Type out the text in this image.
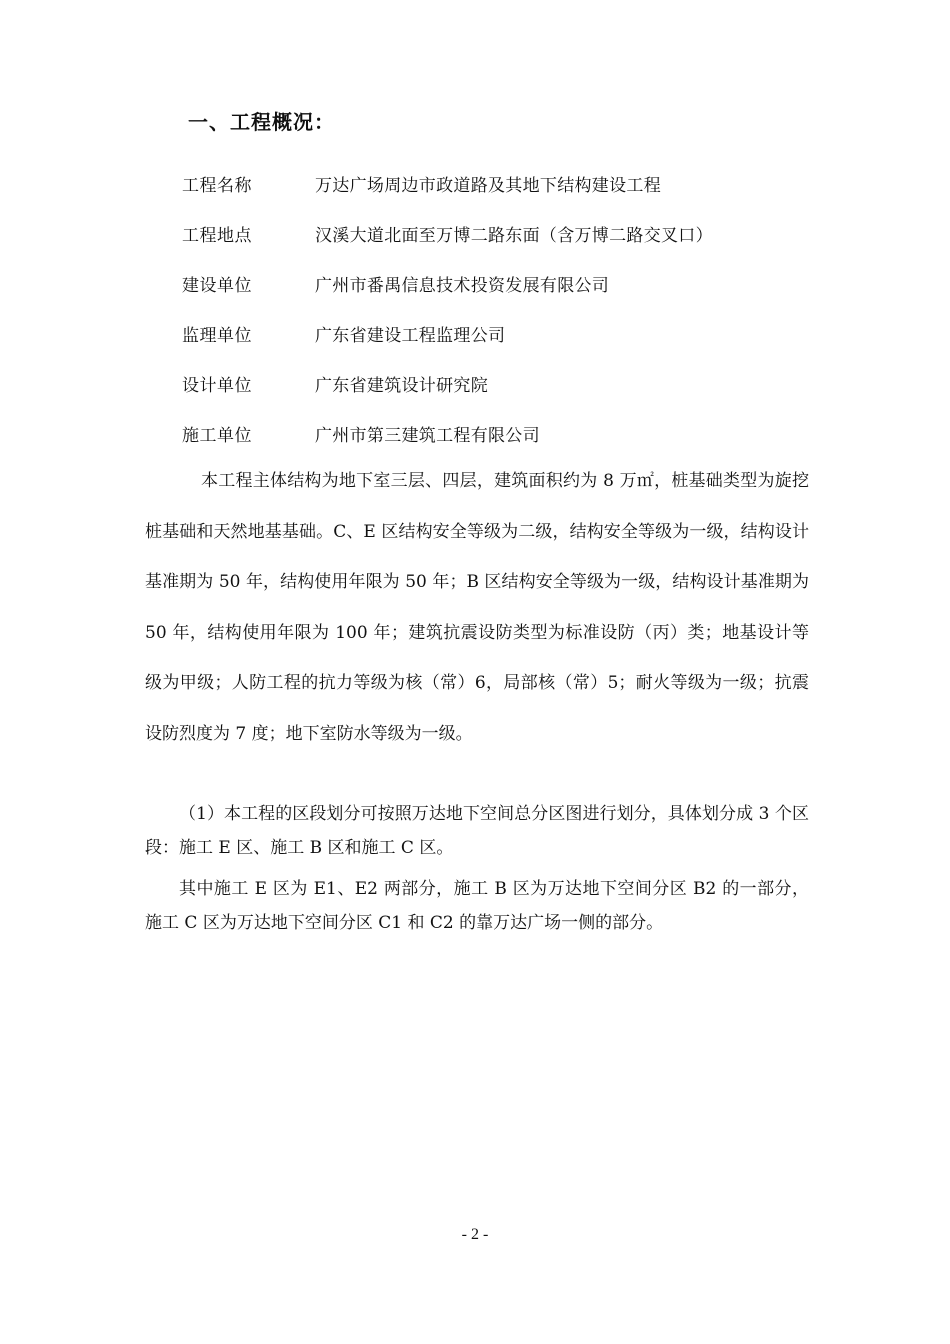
一、工程概况：
工程名称	万达广场周边市政道路及其地下结构建设工程
工程地点	汉溪大道北面至万博二路东面（含万博二路交叉口）
建设单位	广州市番禺信息技术投资发展有限公司
监理单位	广东省建设工程监理公司
设计单位	广东省建筑设计研究院
施工单位	广州市第三建筑工程有限公司

本工程主体结构为地下室三层、四层，建筑面积约为 8 万㎡，桩基础类型为旋挖桩基础和天然地基基础。C、E 区结构安全等级为二级，结构安全等级为一级，结构设计基准期为 50 年，结构使用年限为 50 年；B 区结构安全等级为一级，结构设计基准期为 50 年，结构使用年限为 100 年；建筑抗震设防类型为标准设防（丙）类；地基设计等级为甲级；人防工程的抗力等级为核（常）6，局部核（常）5；耐火等级为一级；抗震设防烈度为 7 度；地下室防水等级为一级。

（1）本工程的区段划分可按照万达地下空间总分区图进行划分，具体划分成 3 个区段：施工 E 区、施工 B 区和施工 C 区。

其中施工 E 区为 E1、E2 两部分，施工 B 区为万达地下空间分区 B2 的一部分，施工 C 区为万达地下空间分区 C1 和 C2 的靠万达广场一侧的部分。

- 2 -
